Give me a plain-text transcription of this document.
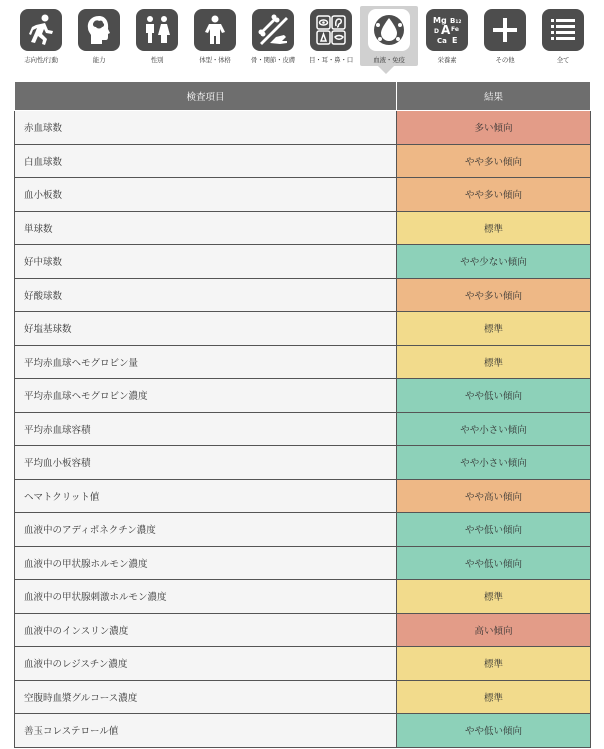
志向性/行動	能力	性別	体型・体格	骨・関節・皮膚 目・耳・鼻・口	血液・免疫
Mg B₁₂
D A Fe
Ca E
栄養素	その他	全て
検査項目	結果
赤血球数	多い傾向
白血球数	やや多い傾向
血小板数	やや多い傾向
単球数	標準
好中球数	やや少ない傾向
好酸球数	やや多い傾向
好塩基球数	標準
平均赤血球ヘモグロビン量	標準
平均赤血球ヘモグロビン濃度	やや低い傾向
平均赤血球容積	やや小さい傾向
平均血小板容積	やや小さい傾向
ヘマトクリット値	やや高い傾向
血液中のアディポネクチン濃度	やや低い傾向
血液中の甲状腺ホルモン濃度	やや低い傾向
血液中の甲状腺刺激ホルモン濃度	標準
血液中のインスリン濃度	高い傾向
血液中のレジスチン濃度	標準
空腹時血漿グルコース濃度	標準
善玉コレステロール値	やや低い傾向
